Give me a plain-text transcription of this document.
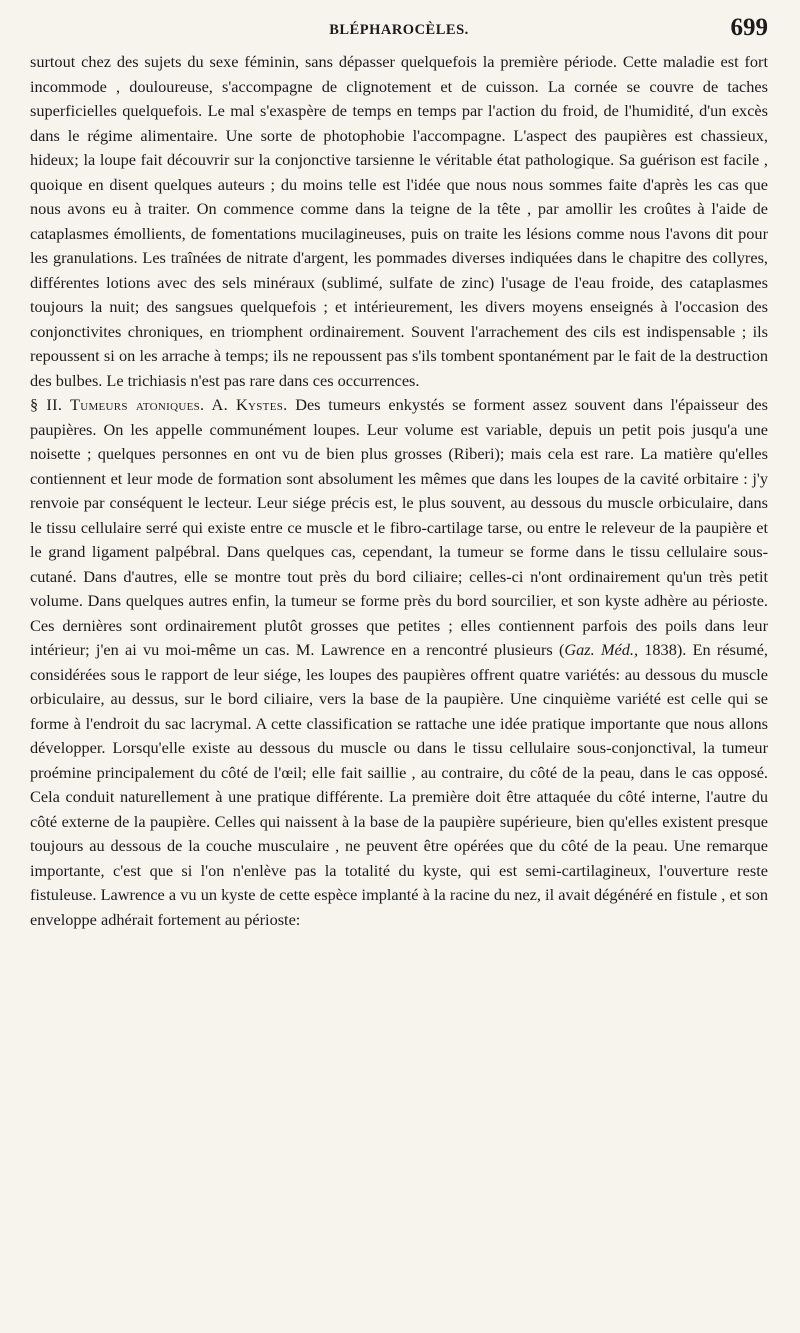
BLÉPHAROCÈLES.	699

surtout chez des sujets du sexe féminin, sans dépasser quelquefois la première période. Cette maladie est fort incommode , douloureuse, s'accompagne de clignotement et de cuisson. La cornée se couvre de taches superficielles quelquefois. Le mal s'exaspère de temps en temps par l'action du froid, de l'humidité, d'un excès dans le régime alimentaire. Une sorte de photophobie l'accompagne. L'aspect des paupières est chassieux, hideux; la loupe fait découvrir sur la conjonctive tarsienne le véritable état pathologique. Sa guérison est facile , quoique en disent quelques auteurs ; du moins telle est l'idée que nous nous sommes faite d'après les cas que nous avons eu à traiter. On commence comme dans la teigne de la tête , par amollir les croûtes à l'aide de cataplasmes émollients, de fomentations mucilagineuses, puis on traite les lésions comme nous l'avons dit pour les granulations. Les traînées de nitrate d'argent, les pommades diverses indiquées dans le chapitre des collyres, différentes lotions avec des sels minéraux (sublimé, sulfate de zinc) l'usage de l'eau froide, des cataplasmes toujours la nuit; des sangsues quelquefois ; et intérieurement, les divers moyens enseignés à l'occasion des conjonctivites chroniques, en triomphent ordinairement. Souvent l'arrachement des cils est indispensable ; ils repoussent si on les arrache à temps; ils ne repoussent pas s'ils tombent spontanément par le fait de la destruction des bulbes. Le trichiasis n'est pas rare dans ces occurrences.

§ II. Tumeurs atoniques. A. Kystes. Des tumeurs enkystés se forment assez souvent dans l'épaisseur des paupières. On les appelle communément loupes. Leur volume est variable, depuis un petit pois jusqu'a une noisette ; quelques personnes en ont vu de bien plus grosses (Riberi); mais cela est rare. La matière qu'elles contiennent et leur mode de formation sont absolument les mêmes que dans les loupes de la cavité orbitaire : j'y renvoie par conséquent le lecteur. Leur siége précis est, le plus souvent, au dessous du muscle orbiculaire, dans le tissu cellulaire serré qui existe entre ce muscle et le fibro-cartilage tarse, ou entre le releveur de la paupière et le grand ligament palpébral. Dans quelques cas, cependant, la tumeur se forme dans le tissu cellulaire sous-cutané. Dans d'autres, elle se montre tout près du bord ciliaire; celles-ci n'ont ordinairement qu'un très petit volume. Dans quelques autres enfin, la tumeur se forme près du bord sourcilier, et son kyste adhère au périoste. Ces dernières sont ordinairement plutôt grosses que petites ; elles contiennent parfois des poils dans leur intérieur; j'en ai vu moi-même un cas. M. Lawrence en a rencontré plusieurs (Gaz. Méd., 1838). En résumé, considérées sous le rapport de leur siége, les loupes des paupières offrent quatre variétés: au dessous du muscle orbiculaire, au dessus, sur le bord ciliaire, vers la base de la paupière. Une cinquième variété est celle qui se forme à l'endroit du sac lacrymal. A cette classification se rattache une idée pratique importante que nous allons développer. Lorsqu'elle existe au dessous du muscle ou dans le tissu cellulaire sous-conjonctival, la tumeur proémine principalement du côté de l'œil; elle fait saillie , au contraire, du côté de la peau, dans le cas opposé. Cela conduit naturellement à une pratique différente. La première doit être attaquée du côté interne, l'autre du côté externe de la paupière. Celles qui naissent à la base de la paupière supérieure, bien qu'elles existent presque toujours au dessous de la couche musculaire , ne peuvent être opérées que du côté de la peau. Une remarque importante, c'est que si l'on n'enlève pas la totalité du kyste, qui est semi-cartilagineux, l'ouverture reste fistuleuse. Lawrence a vu un kyste de cette espèce implanté à la racine du nez, il avait dégénéré en fistule , et son enveloppe adhérait fortement au périoste:
